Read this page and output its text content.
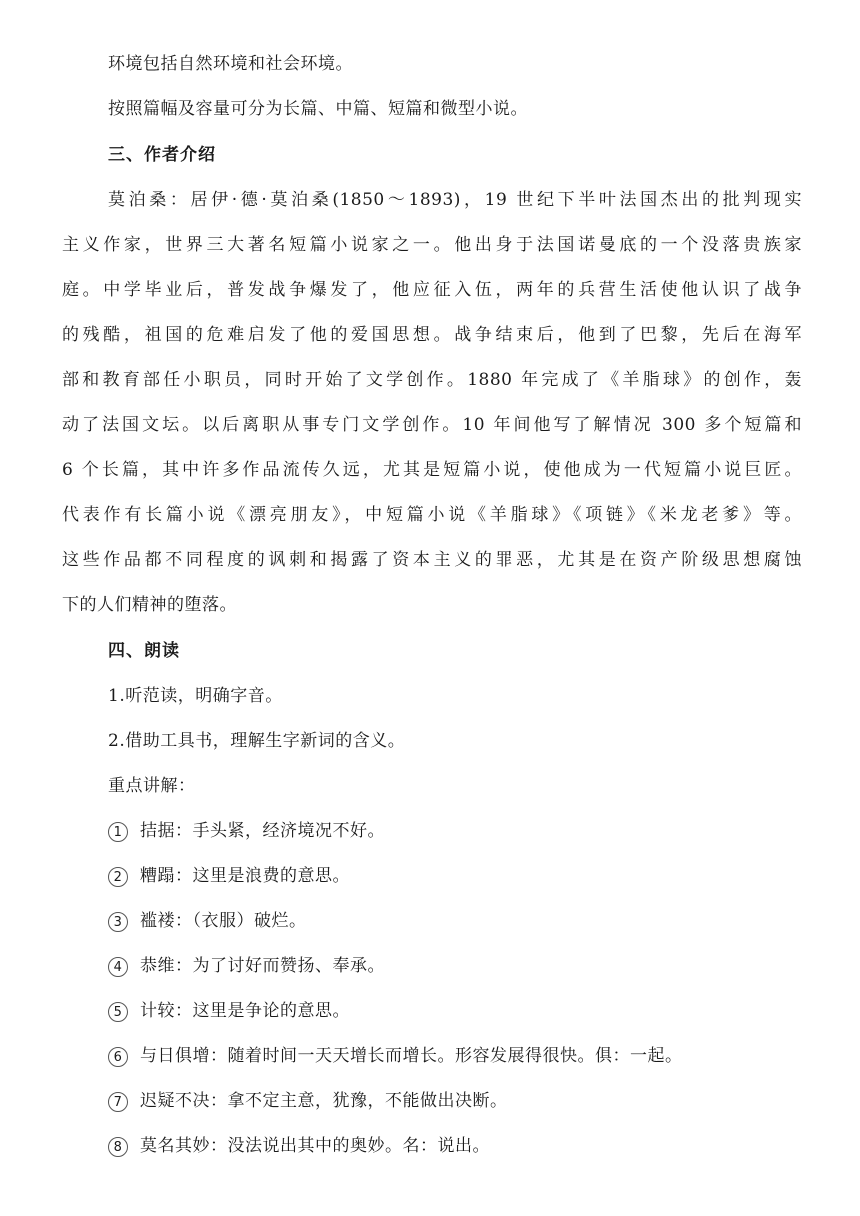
环境包括自然环境和社会环境。
按照篇幅及容量可分为长篇、中篇、短篇和微型小说。
三、作者介绍
莫泊桑：居伊·德·莫泊桑(1850～1893)，19 世纪下半叶法国杰出的批判现实
主义作家，世界三大著名短篇小说家之一。他出身于法国诺曼底的一个没落贵族家
庭。中学毕业后，普发战争爆发了，他应征入伍，两年的兵营生活使他认识了战争
的残酷，祖国的危难启发了他的爱国思想。战争结束后，他到了巴黎，先后在海军
部和教育部任小职员，同时开始了文学创作。1880 年完成了《羊脂球》的创作，轰
动了法国文坛。以后离职从事专门文学创作。10 年间他写了解情况 300 多个短篇和
6 个长篇，其中许多作品流传久远，尤其是短篇小说，使他成为一代短篇小说巨匠。
代表作有长篇小说《漂亮朋友》，中短篇小说《羊脂球》《项链》《米龙老爹》等。
这些作品都不同程度的讽刺和揭露了资本主义的罪恶，尤其是在资产阶级思想腐蚀
下的人们精神的堕落。
四、朗读
1.听范读，明确字音。
2.借助工具书，理解生字新词的含义。
重点讲解：
1 拮据：手头紧，经济境况不好。
2 糟蹋：这里是浪费的意思。
3 褴褛：（衣服）破烂。
4 恭维：为了讨好而赞扬、奉承。
5 计较：这里是争论的意思。
6 与日俱增：随着时间一天天增长而增长。形容发展得很快。俱：一起。
7 迟疑不决：拿不定主意，犹豫，不能做出决断。
8 莫名其妙：没法说出其中的奥妙。名：说出。
